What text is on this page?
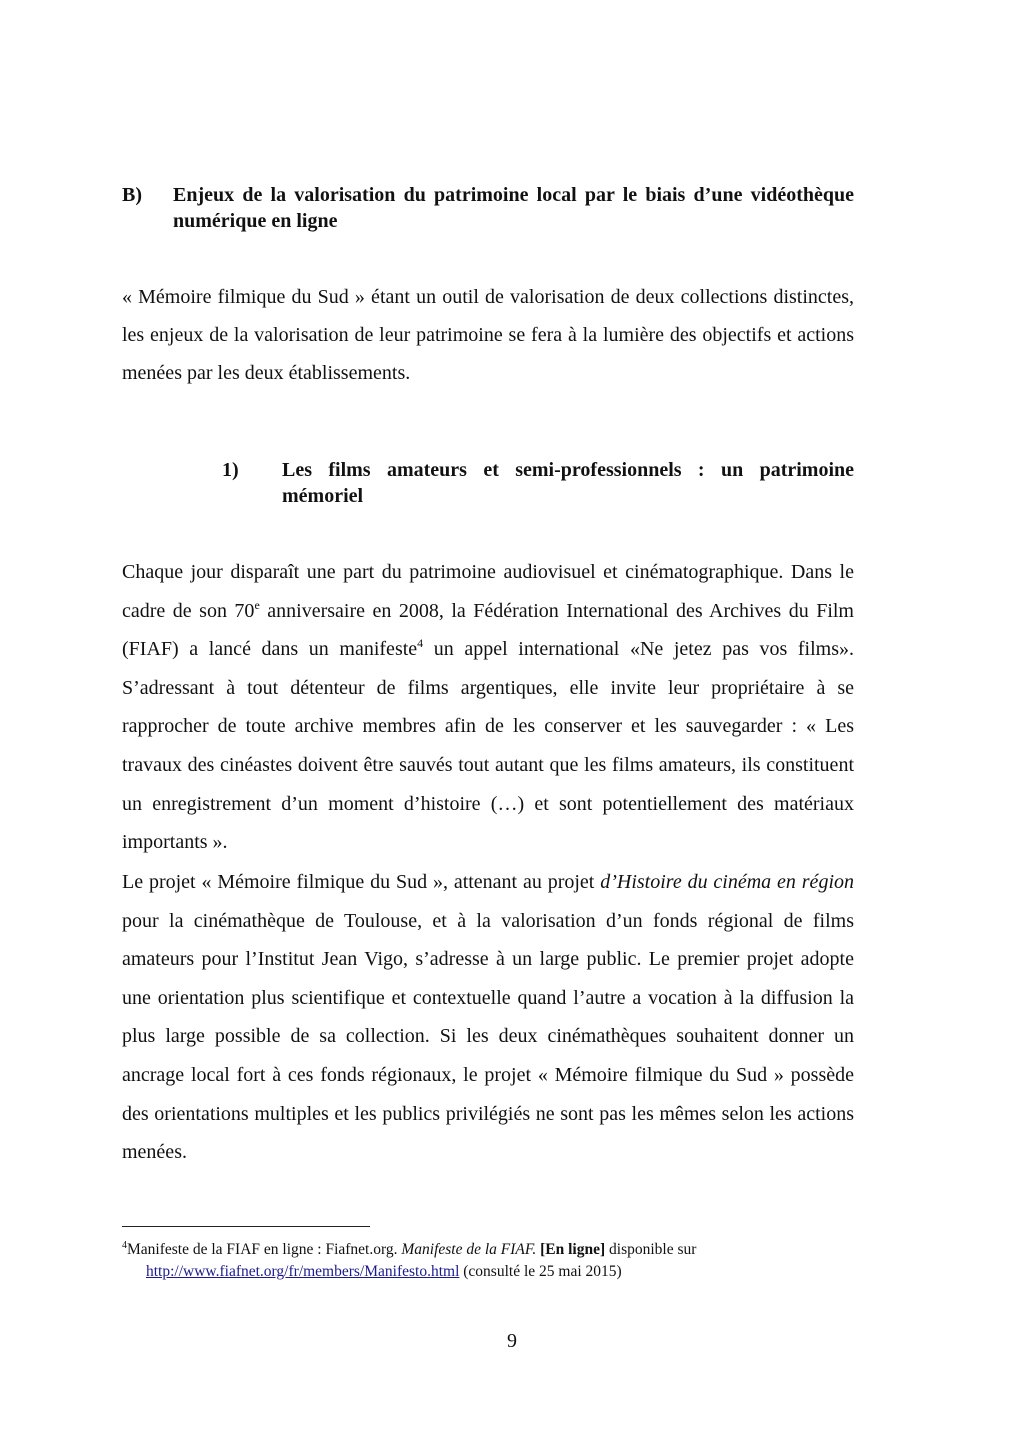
B) Enjeux de la valorisation du patrimoine local par le biais d’une vidéothèque numérique en ligne
« Mémoire filmique du Sud » étant un outil de valorisation de deux collections distinctes, les enjeux de la valorisation de leur patrimoine se fera à la lumière des objectifs et actions menées par les deux établissements.
1) Les films amateurs et semi-professionnels : un patrimoine mémoriel
Chaque jour disparaît une part du patrimoine audiovisuel et cinématographique. Dans le cadre de son 70e anniversaire en 2008, la Fédération International des Archives du Film (FIAF) a lancé dans un manifeste$^4$ un appel international «Ne jetez pas vos films». S’adressant à tout détenteur de films argentiques, elle invite leur propriétaire à se rapprocher de toute archive membres afin de les conserver et les sauvegarder : « Les travaux des cinéastes doivent être sauvés tout autant que les films amateurs, ils constituent un enregistrement d’un moment d’histoire (…) et sont potentiellement des matériaux importants ».
Le projet « Mémoire filmique du Sud », attenant au projet d’Histoire du cinéma en région pour la cinémathèque de Toulouse, et à la valorisation d’un fonds régional de films amateurs pour l’Institut Jean Vigo, s’adresse à un large public. Le premier projet adopte une orientation plus scientifique et contextuelle quand l’autre a vocation à la diffusion la plus large possible de sa collection. Si les deux cinémathèques souhaitent donner un ancrage local fort à ces fonds régionaux, le projet « Mémoire filmique du Sud » possède des orientations multiples et les publics privilégiés ne sont pas les mêmes selon les actions menées.
$^4$Manifeste de la FIAF en ligne : Fiafnet.org. Manifeste de la FIAF. [En ligne] disponible sur
http://www.fiafnet.org/fr/members/Manifesto.html (consulté le 25 mai 2015)
9
